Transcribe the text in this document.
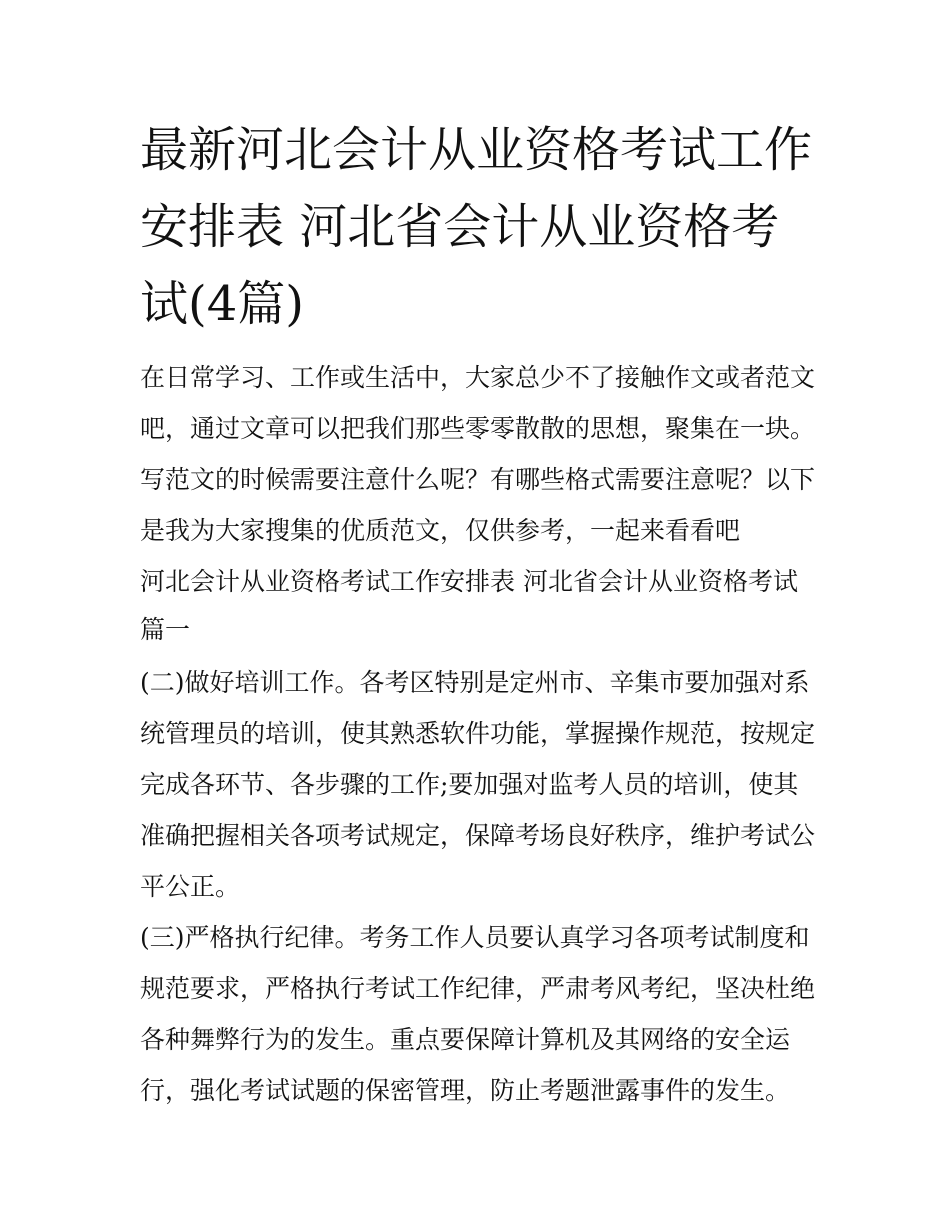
最新河北会计从业资格考试工作安排表 河北省会计从业资格考试(4篇)

在日常学习、工作或生活中，大家总少不了接触作文或者范文

吧，通过文章可以把我们那些零零散散的思想，聚集在一块。

写范文的时候需要注意什么呢？有哪些格式需要注意呢？以下

是我为大家搜集的优质范文，仅供参考，一起来看看吧

河北会计从业资格考试工作安排表 河北省会计从业资格考试

篇一

(二)做好培训工作。各考区特别是定州市、辛集市要加强对系

统管理员的培训，使其熟悉软件功能，掌握操作规范，按规定

完成各环节、各步骤的工作;要加强对监考人员的培训，使其

准确把握相关各项考试规定，保障考场良好秩序，维护考试公

平公正。

(三)严格执行纪律。考务工作人员要认真学习各项考试制度和

规范要求，严格执行考试工作纪律，严肃考风考纪，坚决杜绝

各种舞弊行为的发生。重点要保障计算机及其网络的安全运

行，强化考试试题的保密管理，防止考题泄露事件的发生。
